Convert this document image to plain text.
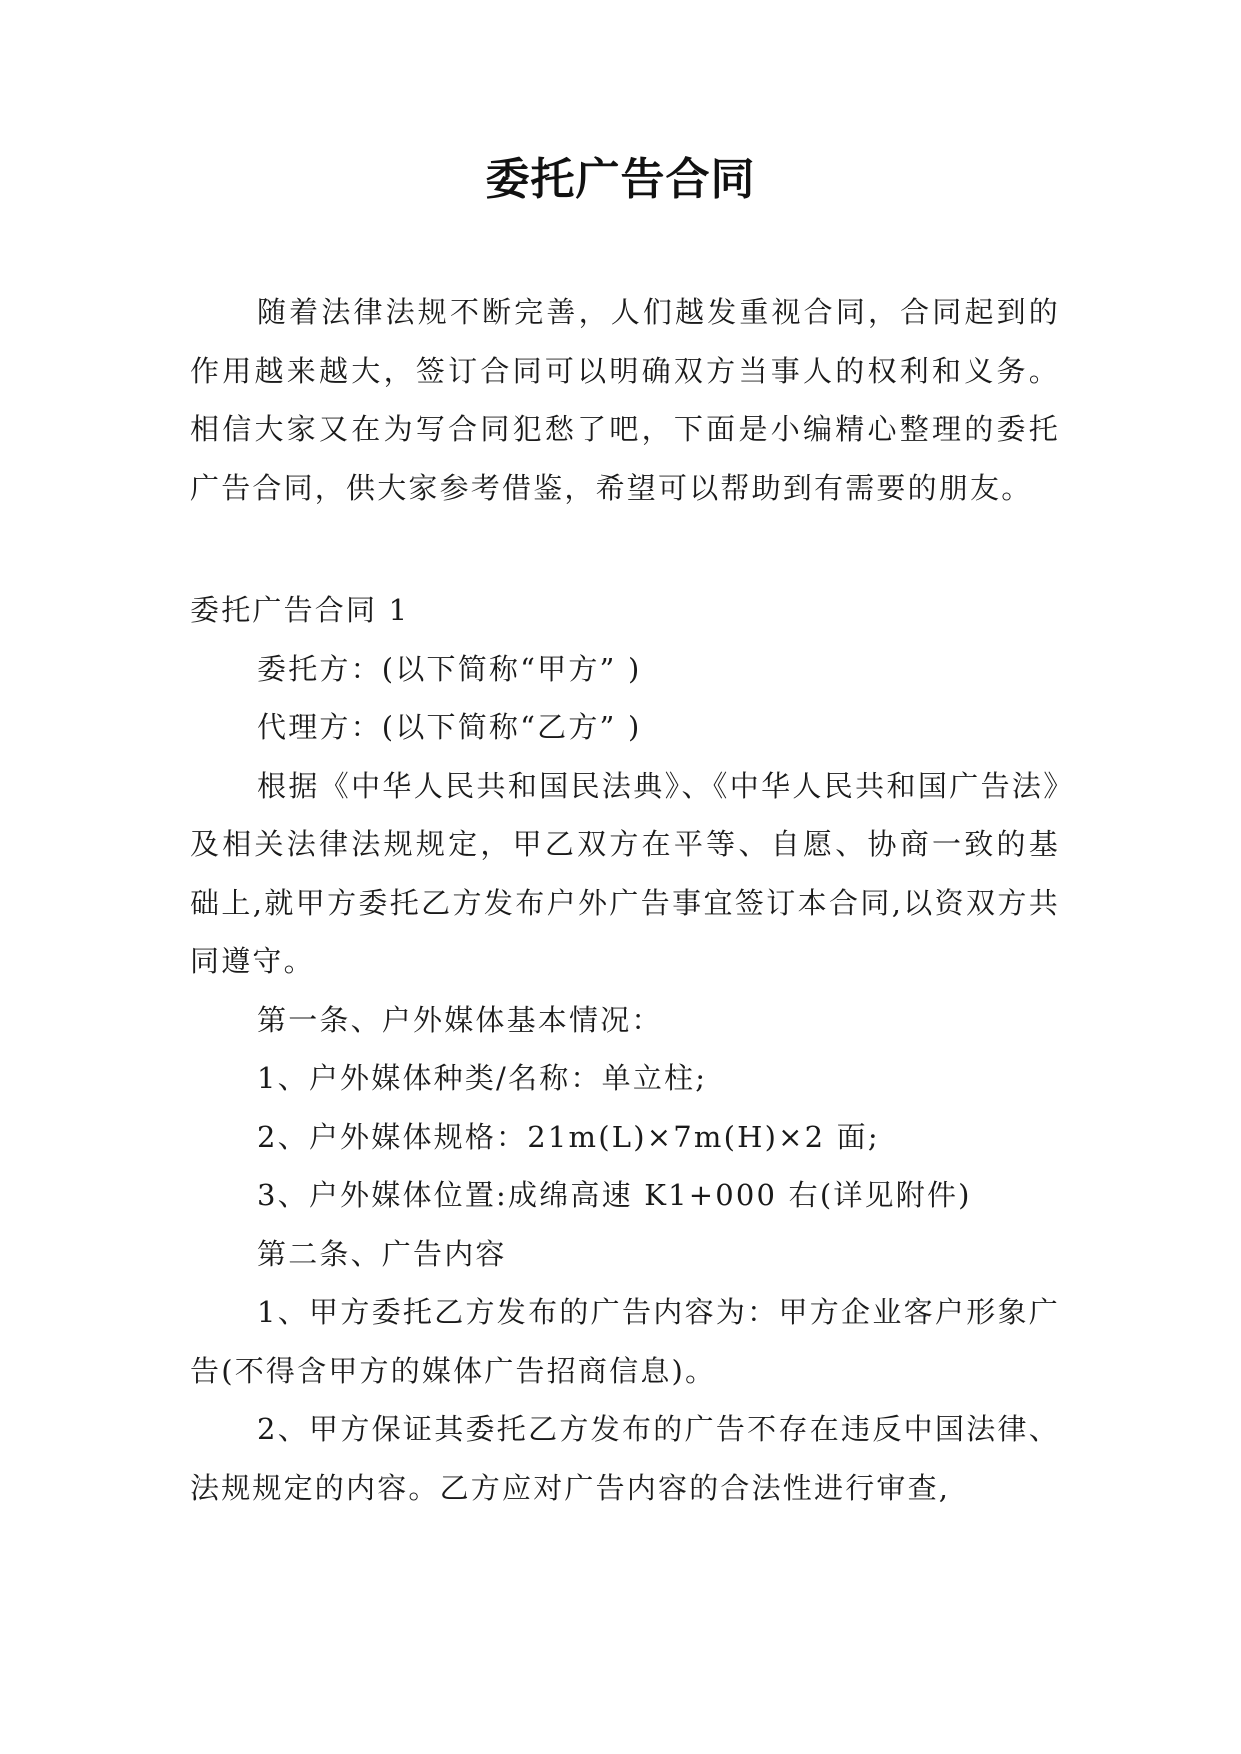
委托广告合同

随着法律法规不断完善，人们越发重视合同，合同起到的作用越来越大，签订合同可以明确双方当事人的权利和义务。相信大家又在为写合同犯愁了吧，下面是小编精心整理的委托广告合同，供大家参考借鉴，希望可以帮助到有需要的朋友。

委托广告合同 1

委托方：(以下简称“甲方” )

代理方：(以下简称“乙方” )

根据《中华人民共和国民法典》、《中华人民共和国广告法》及相关法律法规规定，甲乙双方在平等、自愿、协商一致的基础上,就甲方委托乙方发布户外广告事宜签订本合同,以资双方共同遵守。

第一条、户外媒体基本情况：

1、户外媒体种类/名称：单立柱;

2、户外媒体规格：21m(L)×7m(H)×2 面;

3、户外媒体位置:成绵高速 K1+000 右(详见附件)

第二条、广告内容

1、甲方委托乙方发布的广告内容为：甲方企业客户形象广告(不得含甲方的媒体广告招商信息)。

2、甲方保证其委托乙方发布的广告不存在违反中国法律、法规规定的内容。乙方应对广告内容的合法性进行审查,
